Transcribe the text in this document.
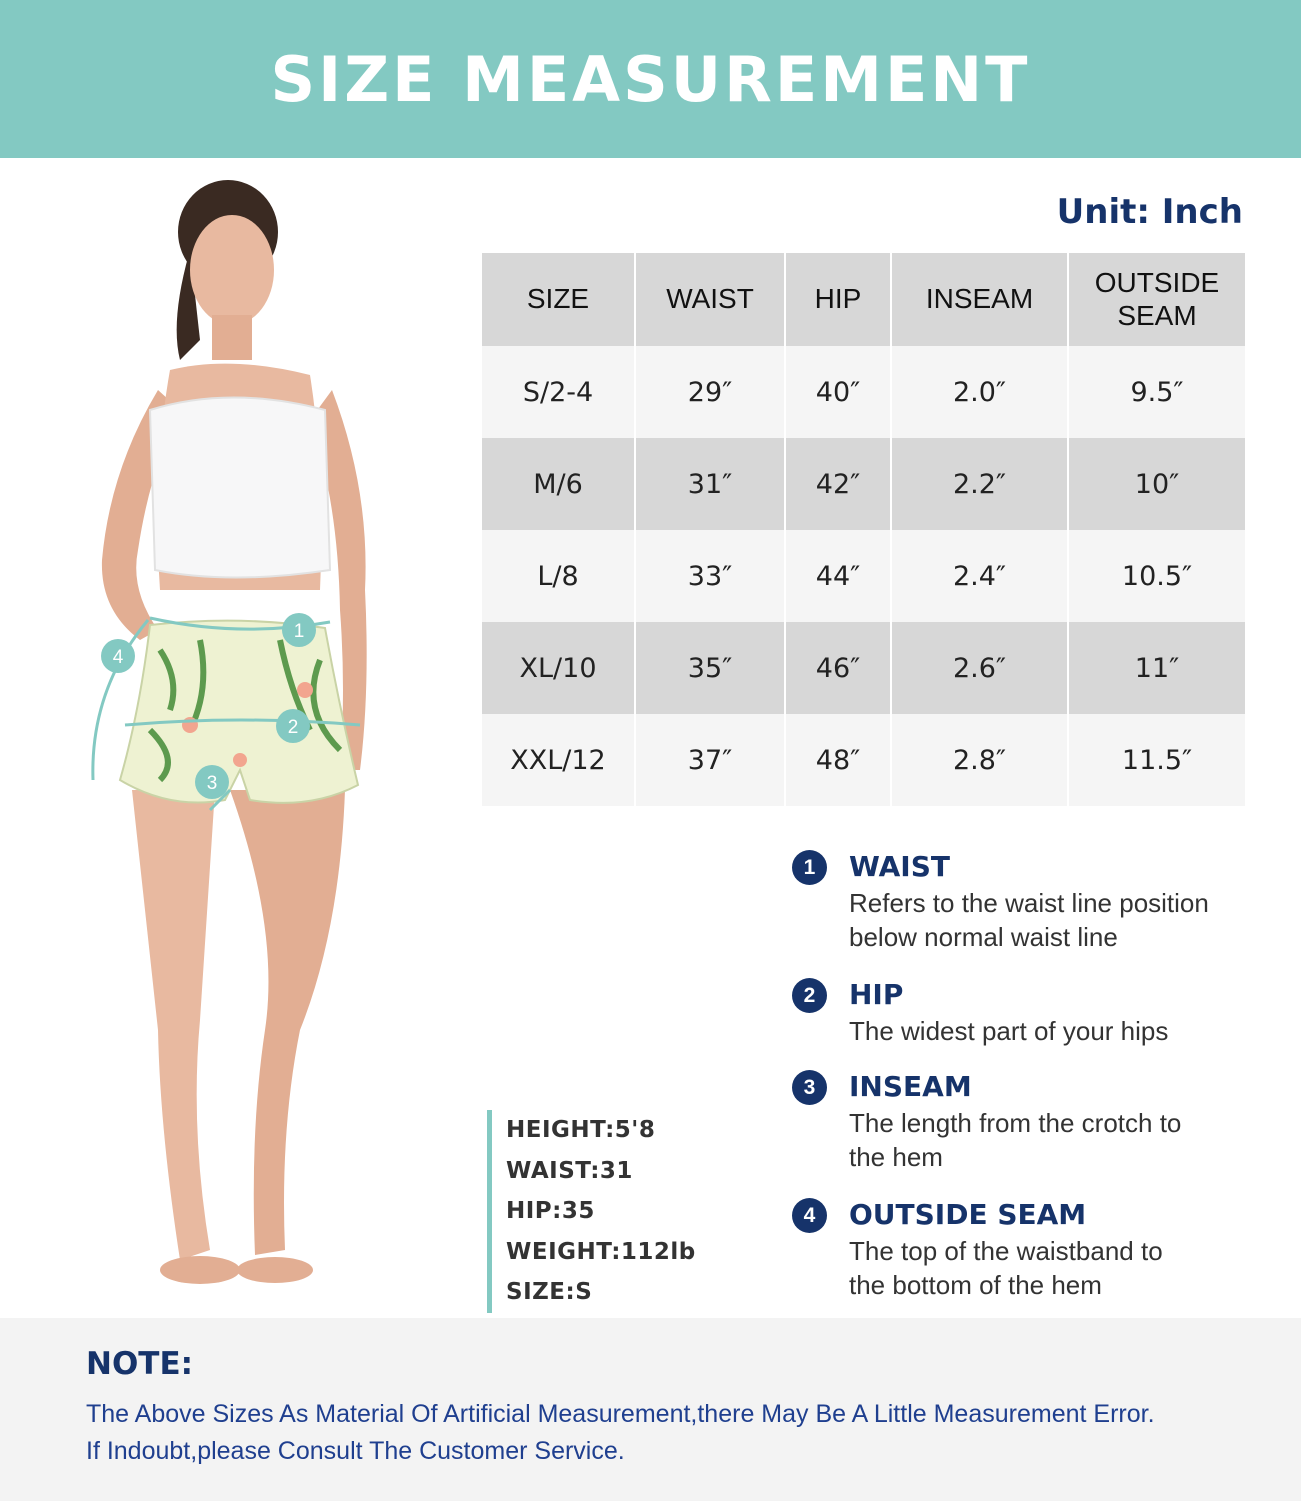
SIZE MEASUREMENT
Unit: Inch
SIZE	WAIST	HIP	INSEAM	OUTSIDE
SEAM
S/2-4	29″	40″	2.0″	9.5″
M/6	31″	42″	2.2″	10″
L/8	33″	44″	2.4″	10.5″
XL/10	35″	46″	2.6″	11″
XXL/12	37″	48″	2.8″	11.5″
1
2
3
4
HEIGHT:5'8
WAIST:31
HIP:35
WEIGHT:112lb
SIZE:S
1	WAIST
Refers to the waist line position
below normal waist line
2	HIP
The widest part of your hips
3	INSEAM
The length from the crotch to
the hem
4	OUTSIDE SEAM
The top of the waistband to
the bottom of the hem
NOTE:
The Above Sizes As Material Of Artificial Measurement,there May Be A Little Measurement Error.
If Indoubt,please Consult The Customer Service.
